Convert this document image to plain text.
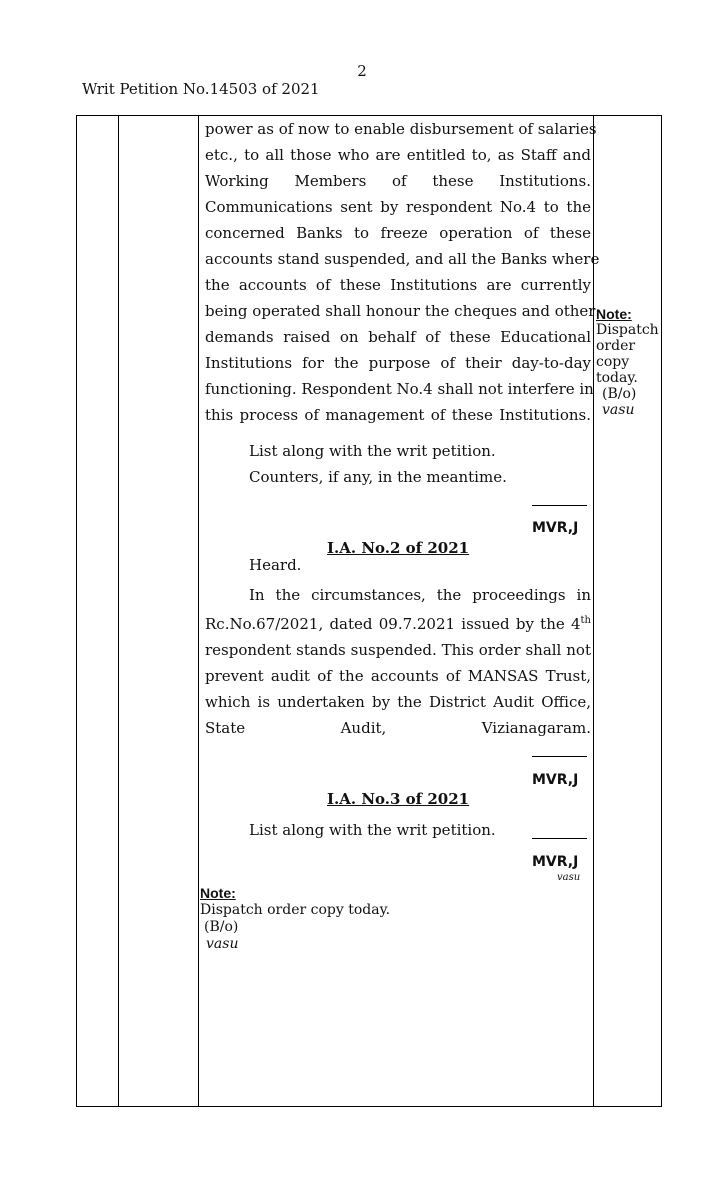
2
Writ Petition No.14503 of 2021
power as of now to enable disbursement of salaries
etc., to all those who are entitled to, as Staff and
Working Members of these Institutions.
Communications sent by respondent No.4 to the
concerned Banks to freeze operation of these
accounts stand suspended, and all the Banks where
the accounts of these Institutions are currently
being operated shall honour the cheques and other
demands raised on behalf of these Educational
Institutions for the purpose of their day-to-day
functioning. Respondent No.4 shall not interfere in
this process of management of these Institutions.
List along with the writ petition.
Counters, if any, in the meantime.
MVR,J
I.A. No.2 of 2021
Heard.
In the circumstances, the proceedings in
Rc.No.67/2021, dated 09.7.2021 issued by the 4th
respondent stands suspended. This order shall not
prevent audit of the accounts of MANSAS Trust,
which is undertaken by the District Audit Office,
State Audit, Vizianagaram.
MVR,J
I.A. No.3 of 2021
List along with the writ petition.
MVR,J
vasu
Note:
Dispatch
order
copy
today.
(B/o)
vasu
Note:
Dispatch order copy today.
(B/o)
vasu
